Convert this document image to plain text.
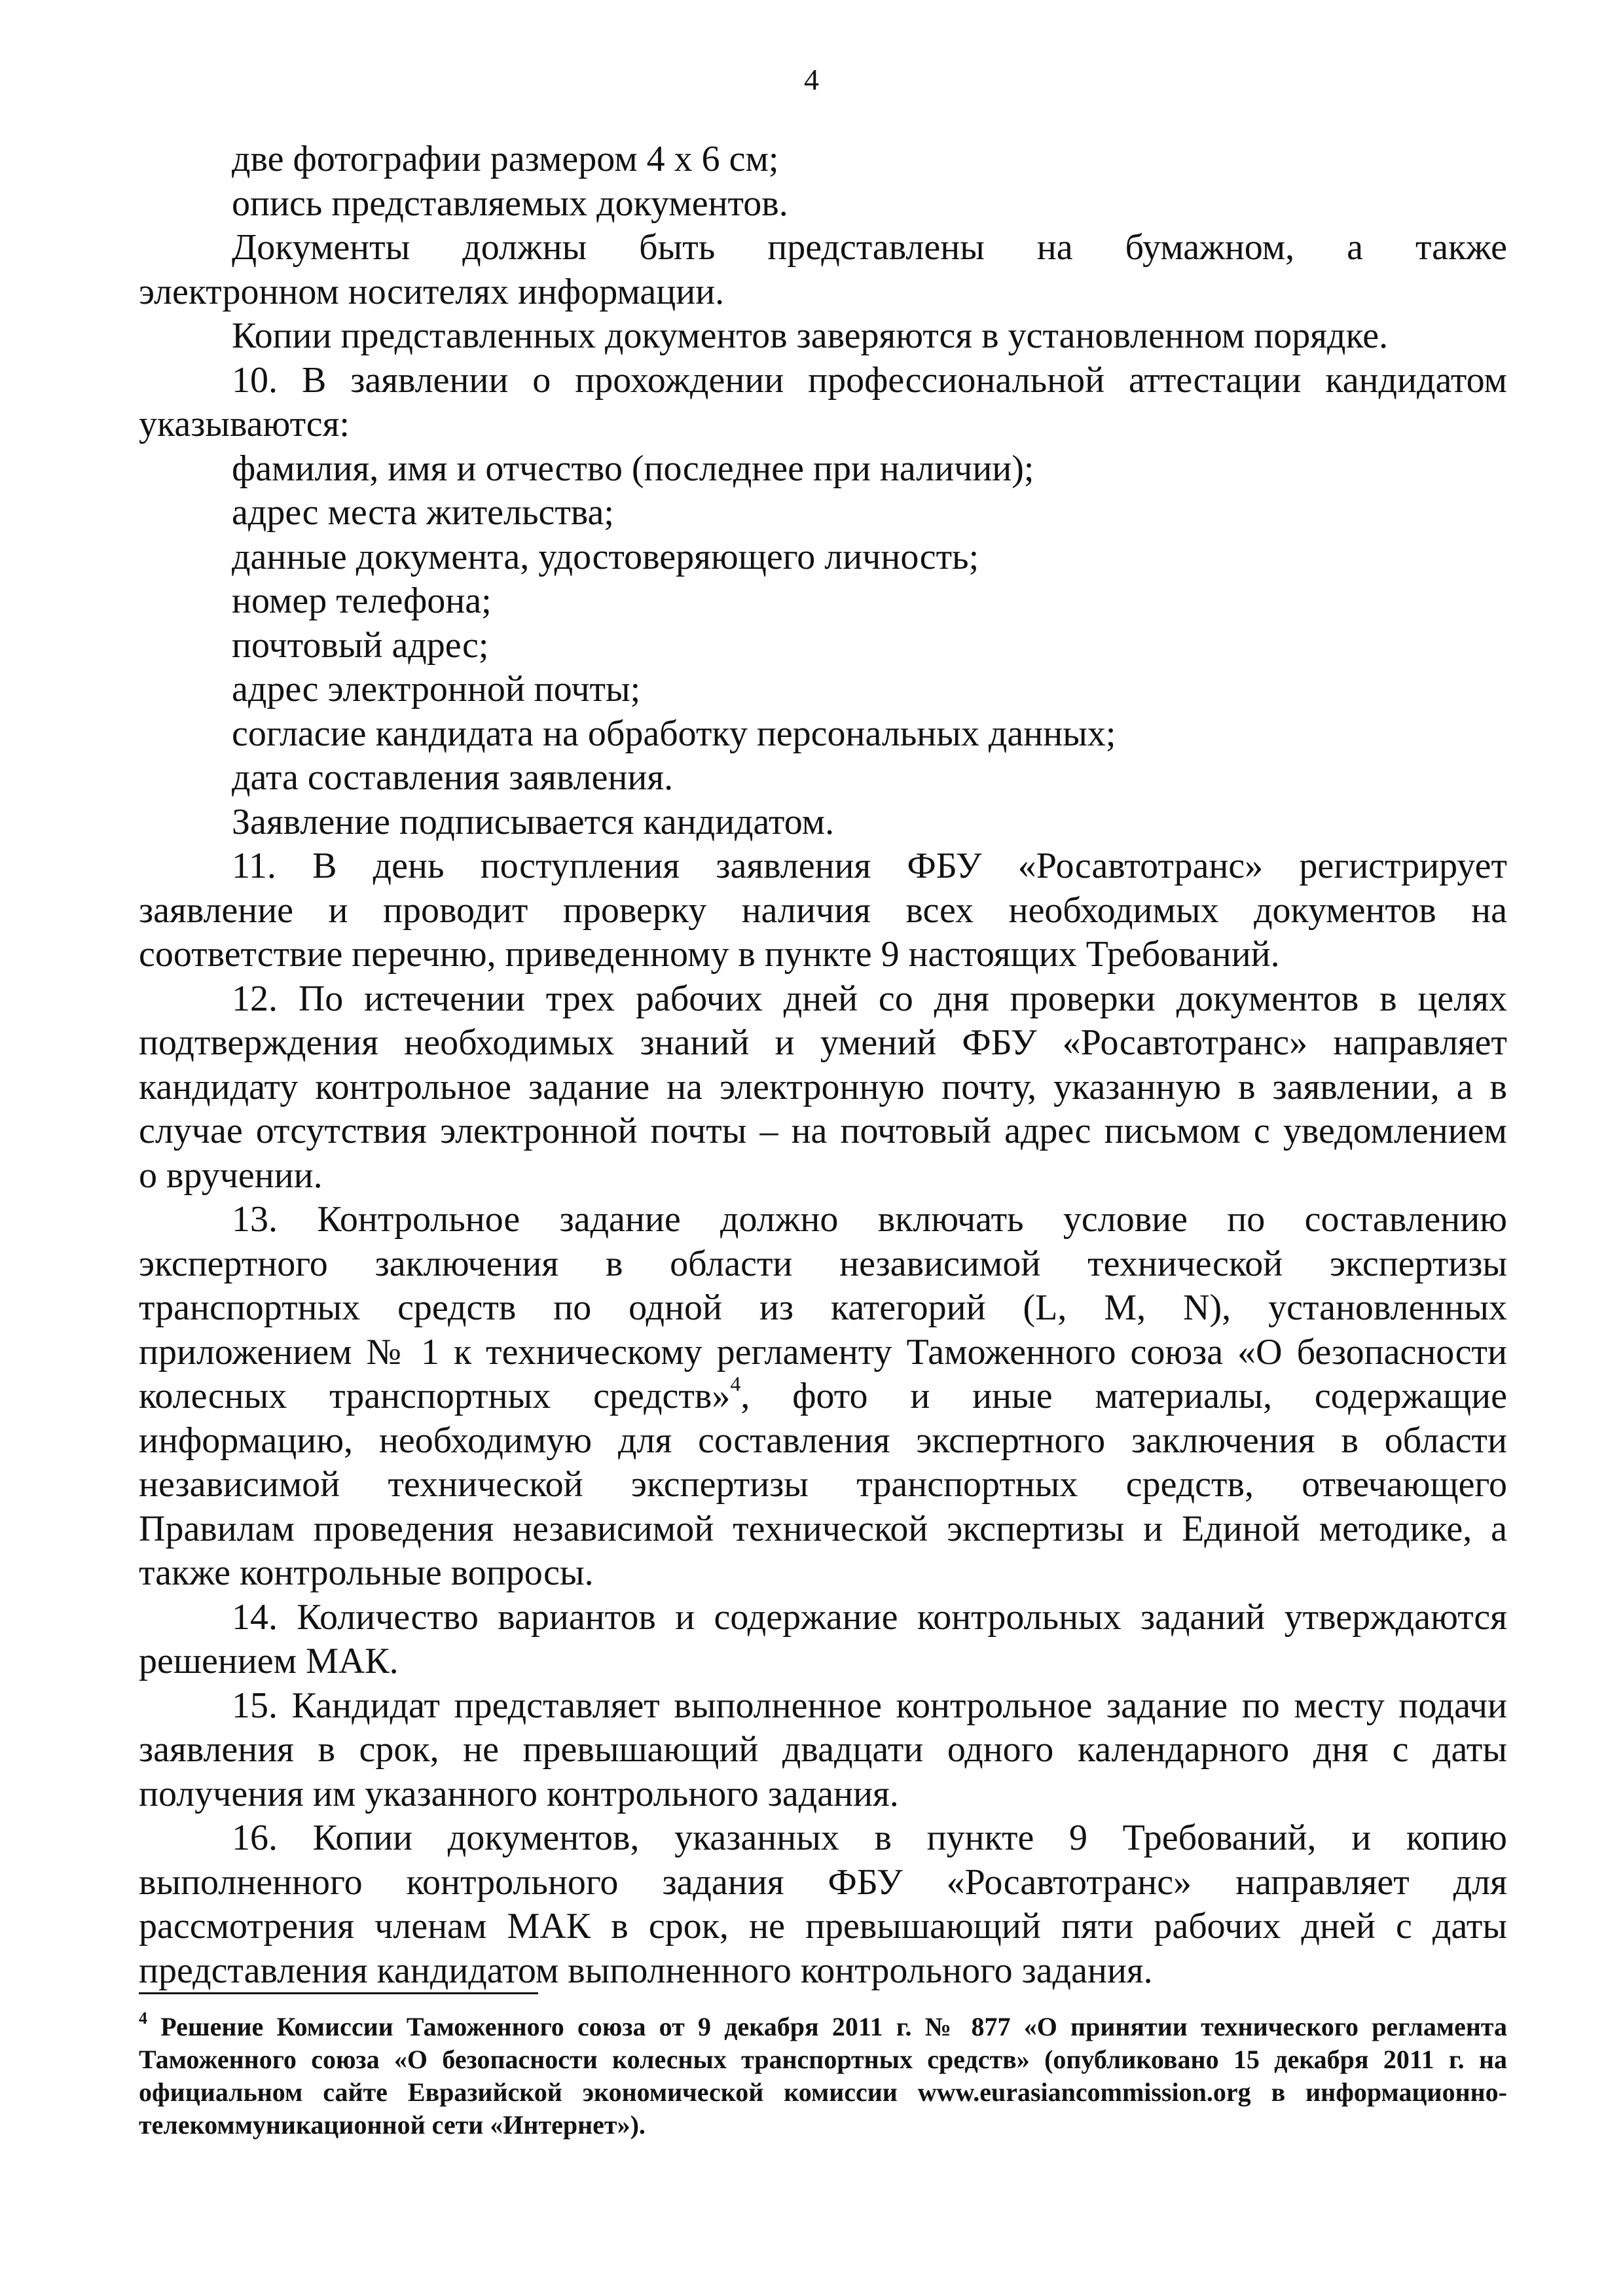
4

две фотографии размером 4 х 6 см;

опись представляемых документов.

Документы должны быть представлены на бумажном, а также

электронном носителях информации.

Копии представленных документов заверяются в установленном порядке.

10. В заявлении о прохождении профессиональной аттестации кандидатом

указываются:

фамилия, имя и отчество (последнее при наличии);

адрес места жительства;

данные документа, удостоверяющего личность;

номер телефона;

почтовый адрес;

адрес электронной почты;

согласие кандидата на обработку персональных данных;

дата составления заявления.

Заявление подписывается кандидатом.

11. В день поступления заявления ФБУ «Росавтотранс» регистрирует

заявление и проводит проверку наличия всех необходимых документов на

соответствие перечню, приведенному в пункте 9 настоящих Требований.

12. По истечении трех рабочих дней со дня проверки документов в целях

подтверждения необходимых знаний и умений ФБУ «Росавтотранс» направляет

кандидату контрольное задание на электронную почту, указанную в заявлении, а в

случае отсутствия электронной почты – на почтовый адрес письмом с уведомлением

о вручении.

13. Контрольное задание должно включать условие по составлению

экспертного заключения в области независимой технической экспертизы

транспортных средств по одной из категорий (L, M, N), установленных

приложением № 1 к техническому регламенту Таможенного союза «О безопасности

колесных транспортных средств»$^4$, фото и иные материалы, содержащие

информацию, необходимую для составления экспертного заключения в области

независимой технической экспертизы транспортных средств, отвечающего

Правилам проведения независимой технической экспертизы и Единой методике, а

также контрольные вопросы.

14. Количество вариантов и содержание контрольных заданий утверждаются

решением МАК.

15. Кандидат представляет выполненное контрольное задание по месту подачи

заявления в срок, не превышающий двадцати одного календарного дня с даты

получения им указанного контрольного задания.

16. Копии документов, указанных в пункте 9 Требований, и копию

выполненного контрольного задания ФБУ «Росавтотранс» направляет для

рассмотрения членам МАК в срок, не превышающий пяти рабочих дней с даты

представления кандидатом выполненного контрольного задания.

$^4$ Решение Комиссии Таможенного союза от 9 декабря 2011 г. № 877 «О принятии технического регламента

Таможенного союза «О безопасности колесных транспортных средств» (опубликовано 15 декабря 2011 г. на

официальном сайте Евразийской экономической комиссии www.eurasiancommission.org в информационно-

телекоммуникационной сети «Интернет»).
